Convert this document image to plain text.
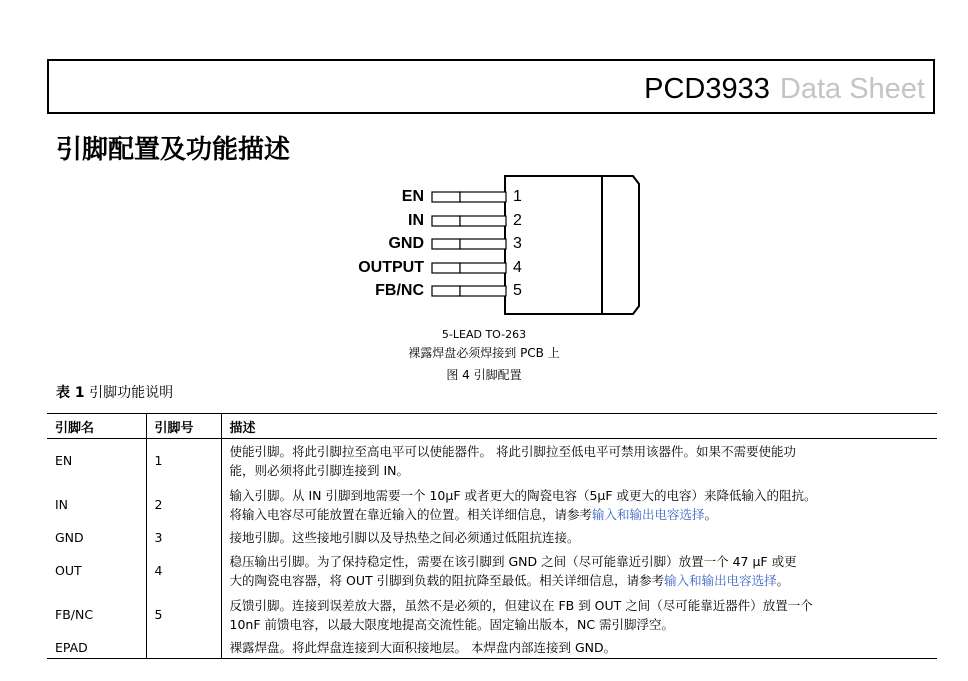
PCD3933 Data Sheet
引脚配置及功能描述
EN
IN
GND
OUTPUT
FB/NC
1
2
3
4
5
5-LEAD TO-263
裸露焊盘必须焊接到 PCB 上
图 4 引脚配置
表 1 引脚功能说明
引脚名	引脚号	描述
EN	1	使能引脚。将此引脚拉至高电平可以使能器件。 将此引脚拉至低电平可禁用该器件。如果不需要使能功
能，则必须将此引脚连接到 IN。

IN	2	输入引脚。从 IN 引脚到地需要一个 10µF 或者更大的陶瓷电容（5µF 或更大的电容）来降低输入的阻抗。
将输入电容尽可能放置在靠近输入的位置。相关详细信息，请参考输入和输出电容选择。

GND	3	接地引脚。这些接地引脚以及导热垫之间必须通过低阻抗连接。

OUT	4	稳压输出引脚。为了保持稳定性，需要在该引脚到 GND 之间（尽可能靠近引脚）放置一个 47 µF 或更
大的陶瓷电容器，将 OUT 引脚到负载的阻抗降至最低。相关详细信息，请参考输入和输出电容选择。

FB/NC	5	反馈引脚。连接到误差放大器，虽然不是必须的，但建议在 FB 到 OUT 之间（尽可能靠近器件）放置一个
10nF 前馈电容，以最大限度地提高交流性能。固定输出版本，NC 需引脚浮空。

EPAD		裸露焊盘。将此焊盘连接到大面积接地层。 本焊盘内部连接到 GND。
